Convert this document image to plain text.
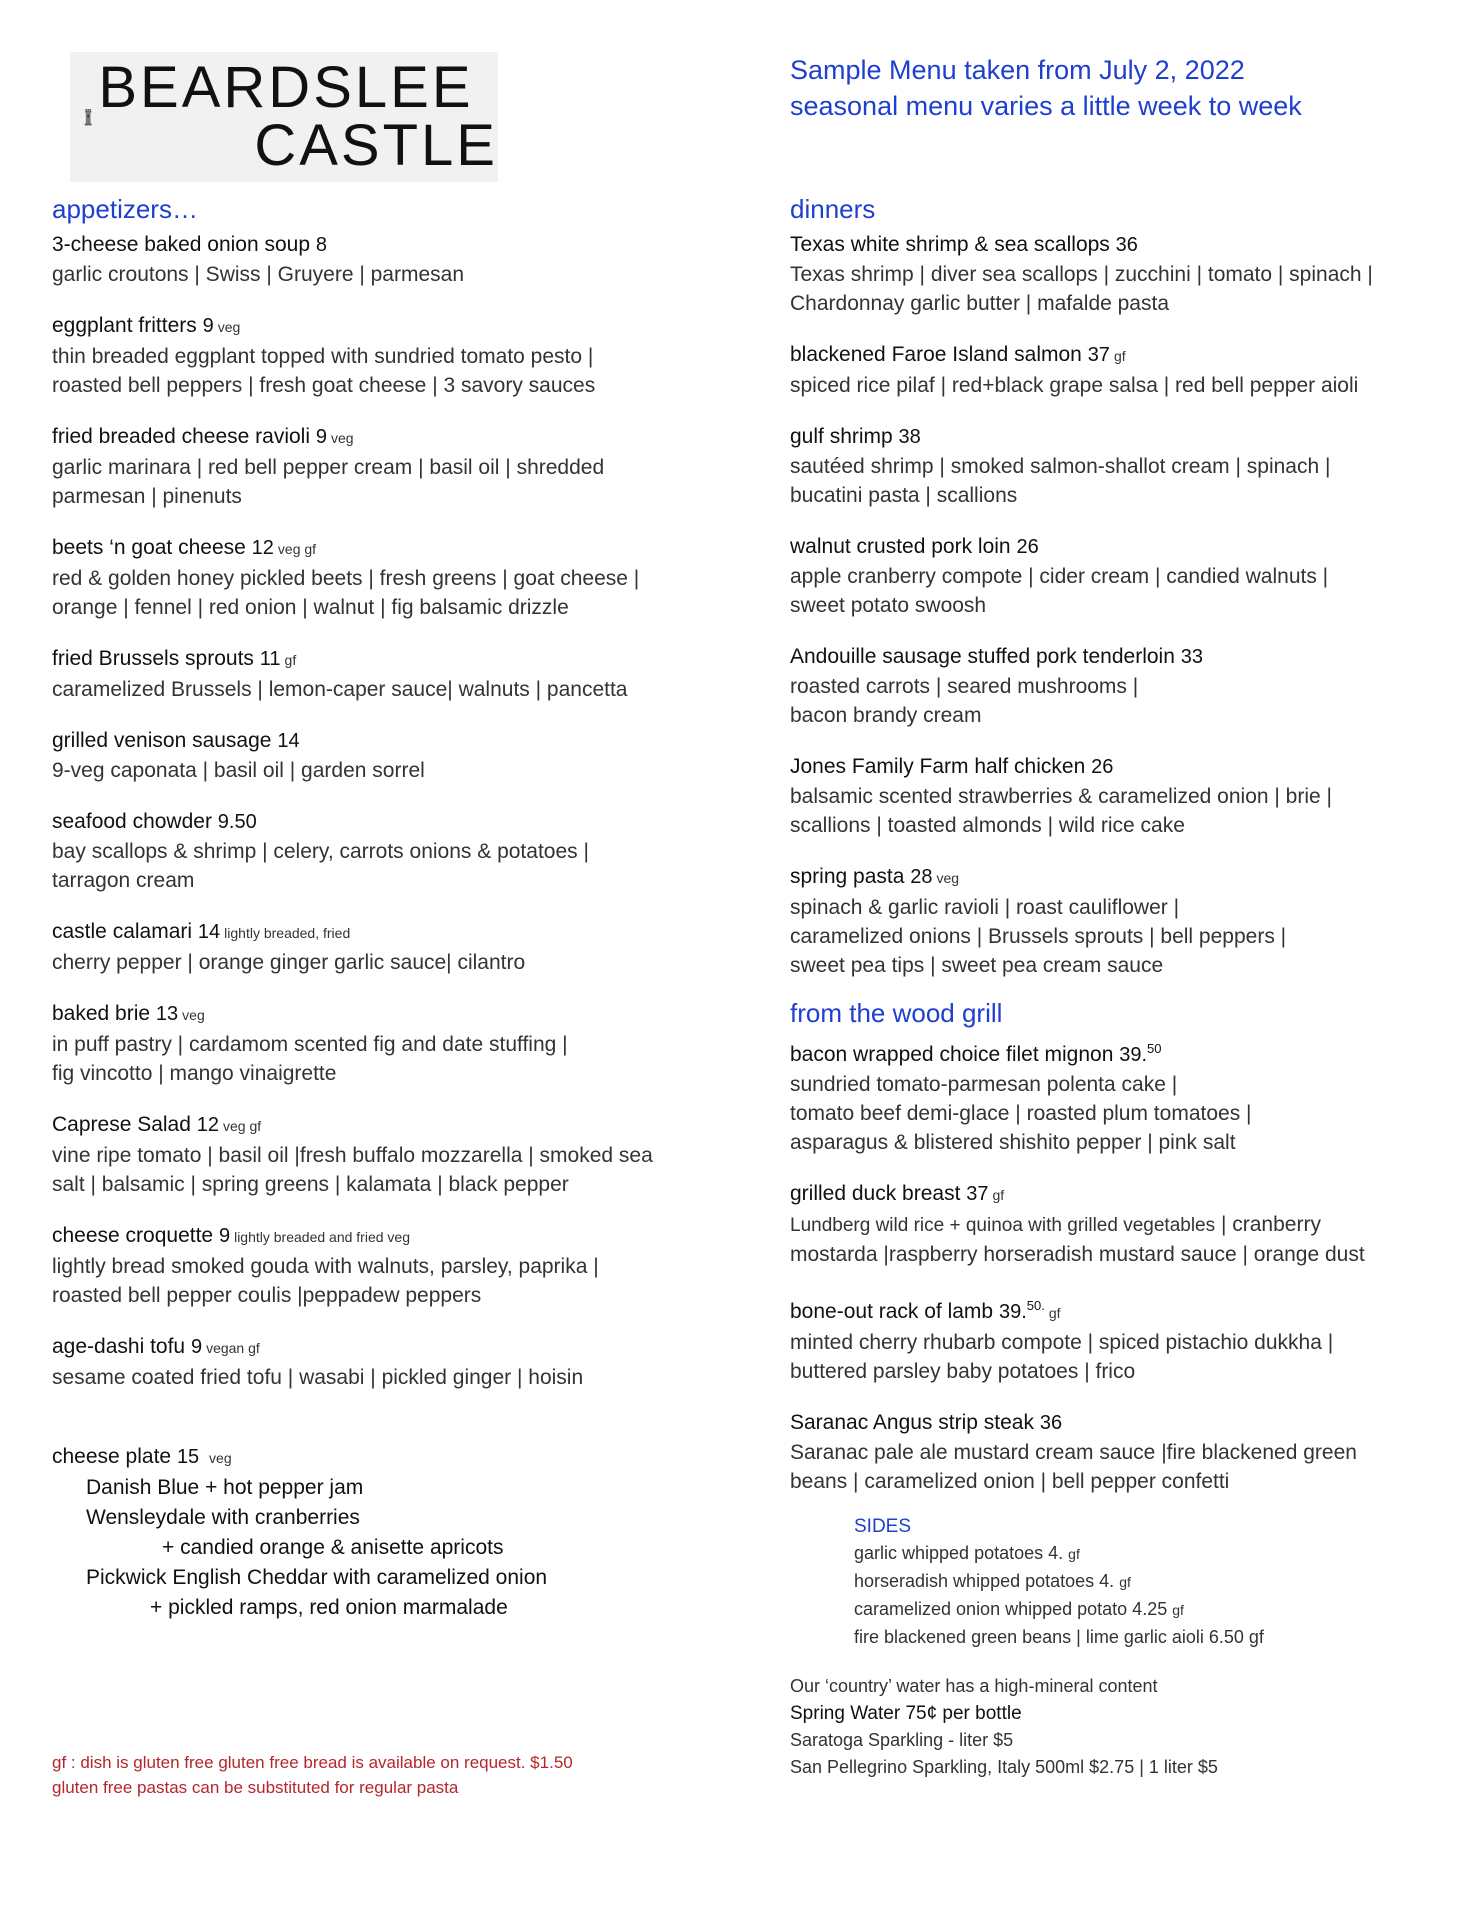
BEARDSLEE
CASTLE
Sample Menu taken from July 2, 2022
seasonal menu varies a little week to week
appetizers…
3-cheese baked onion soup 8
garlic croutons | Swiss | Gruyere | parmesan
eggplant fritters 9 veg
thin breaded eggplant topped with sundried tomato pesto |
roasted bell peppers | fresh goat cheese | 3 savory sauces
fried breaded cheese ravioli 9 veg
garlic marinara | red bell pepper cream | basil oil | shredded
parmesan | pinenuts
beets ‘n goat cheese 12 veg gf
red & golden honey pickled beets | fresh greens | goat cheese |
orange | fennel | red onion | walnut | fig balsamic drizzle
fried Brussels sprouts 11 gf
caramelized Brussels | lemon-caper sauce| walnuts | pancetta
grilled venison sausage 14
9-veg caponata | basil oil | garden sorrel
seafood chowder 9.50
bay scallops & shrimp | celery, carrots onions & potatoes |
tarragon cream
castle calamari 14 lightly breaded, fried
cherry pepper | orange ginger garlic sauce| cilantro
baked brie 13 veg
in puff pastry | cardamom scented fig and date stuffing |
fig vincotto | mango vinaigrette
Caprese Salad 12 veg gf
vine ripe tomato | basil oil |fresh buffalo mozzarella | smoked sea
salt | balsamic | spring greens | kalamata | black pepper
cheese croquette 9 lightly breaded and fried veg
lightly bread smoked gouda with walnuts, parsley, paprika |
roasted bell pepper coulis |peppadew peppers
age-dashi tofu 9 vegan gf
sesame coated fried tofu | wasabi | pickled ginger | hoisin
cheese plate 15 veg
Danish Blue + hot pepper jam
Wensleydale with cranberries
+ candied orange & anisette apricots
Pickwick English Cheddar with caramelized onion
+ pickled ramps, red onion marmalade
gf : dish is gluten free gluten free bread is available on request. $1.50
gluten free pastas can be substituted for regular pasta
dinners
Texas white shrimp & sea scallops 36
Texas shrimp | diver sea scallops | zucchini | tomato | spinach |
Chardonnay garlic butter | mafalde pasta
blackened Faroe Island salmon 37 gf
spiced rice pilaf | red+black grape salsa | red bell pepper aioli
gulf shrimp 38
sautéed shrimp | smoked salmon-shallot cream | spinach |
bucatini pasta | scallions
walnut crusted pork loin 26
apple cranberry compote | cider cream | candied walnuts |
sweet potato swoosh
Andouille sausage stuffed pork tenderloin 33
roasted carrots | seared mushrooms |
bacon brandy cream
Jones Family Farm half chicken 26
balsamic scented strawberries & caramelized onion | brie |
scallions | toasted almonds | wild rice cake
spring pasta 28 veg
spinach & garlic ravioli | roast cauliflower |
caramelized onions | Brussels sprouts | bell peppers |
sweet pea tips | sweet pea cream sauce
from the wood grill
bacon wrapped choice filet mignon 39.50
sundried tomato-parmesan polenta cake |
tomato beef demi-glace | roasted plum tomatoes |
asparagus & blistered shishito pepper | pink salt
grilled duck breast 37 gf
Lundberg wild rice + quinoa with grilled vegetables | cranberry
mostarda |raspberry horseradish mustard sauce | orange dust
bone-out rack of lamb 39.$^{50.}$ gf
minted cherry rhubarb compote | spiced pistachio dukkha |
buttered parsley baby potatoes | frico
Saranac Angus strip steak 36
Saranac pale ale mustard cream sauce |fire blackened green
beans | caramelized onion | bell pepper confetti
SIDES
garlic whipped potatoes 4. gf
horseradish whipped potatoes 4. gf
caramelized onion whipped potato 4.25 gf
fire blackened green beans | lime garlic aioli 6.50 gf
Our ‘country’ water has a high-mineral content
Spring Water 75¢ per bottle
Saratoga Sparkling - liter $5
San Pellegrino Sparkling, Italy 500ml $2.75 | 1 liter $5
